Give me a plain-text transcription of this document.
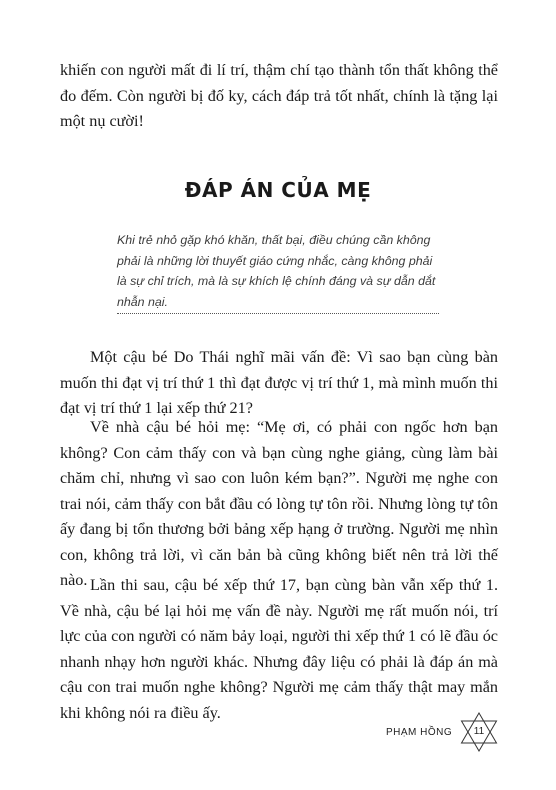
khiến con người mất đi lí trí, thậm chí tạo thành tổn thất không thể đo đếm. Còn người bị đố ky, cách đáp trả tốt nhất, chính là tặng lại một nụ cười!

ĐÁP ÁN CỦA MẸ

Khi trẻ nhỏ gặp khó khăn, thất bại, điều chúng cần không phải là những lời thuyết giáo cứng nhắc, càng không phải là sự chỉ trích, mà là sự khích lệ chính đáng và sự dẫn dắt nhẫn nại.

Một cậu bé Do Thái nghĩ mãi vấn đề: Vì sao bạn cùng bàn muốn thi đạt vị trí thứ 1 thì đạt được vị trí thứ 1, mà mình muốn thi đạt vị trí thứ 1 lại xếp thứ 21?

Về nhà cậu bé hỏi mẹ: “Mẹ ơi, có phải con ngốc hơn bạn không? Con cảm thấy con và bạn cùng nghe giảng, cùng làm bài chăm chỉ, nhưng vì sao con luôn kém bạn?”. Người mẹ nghe con trai nói, cảm thấy con bắt đầu có lòng tự tôn rồi. Nhưng lòng tự tôn ấy đang bị tổn thương bởi bảng xếp hạng ở trường. Người mẹ nhìn con, không trả lời, vì căn bản bà cũng không biết nên trả lời thế nào. Lần thi sau, cậu bé xếp thứ 17, bạn cùng bàn vẫn xếp thứ 1. Về nhà, cậu bé lại hỏi mẹ vấn đề này. Người mẹ rất muốn nói, trí lực của con người có năm bảy loại, người thi xếp thứ 1 có lẽ đầu óc nhanh nhạy hơn người khác. Nhưng đây liệu có phải là đáp án mà cậu con trai muốn nghe không? Người mẹ cảm thấy thật may mắn khi không nói ra điều ấy.

PHẠM HỒNG	11
